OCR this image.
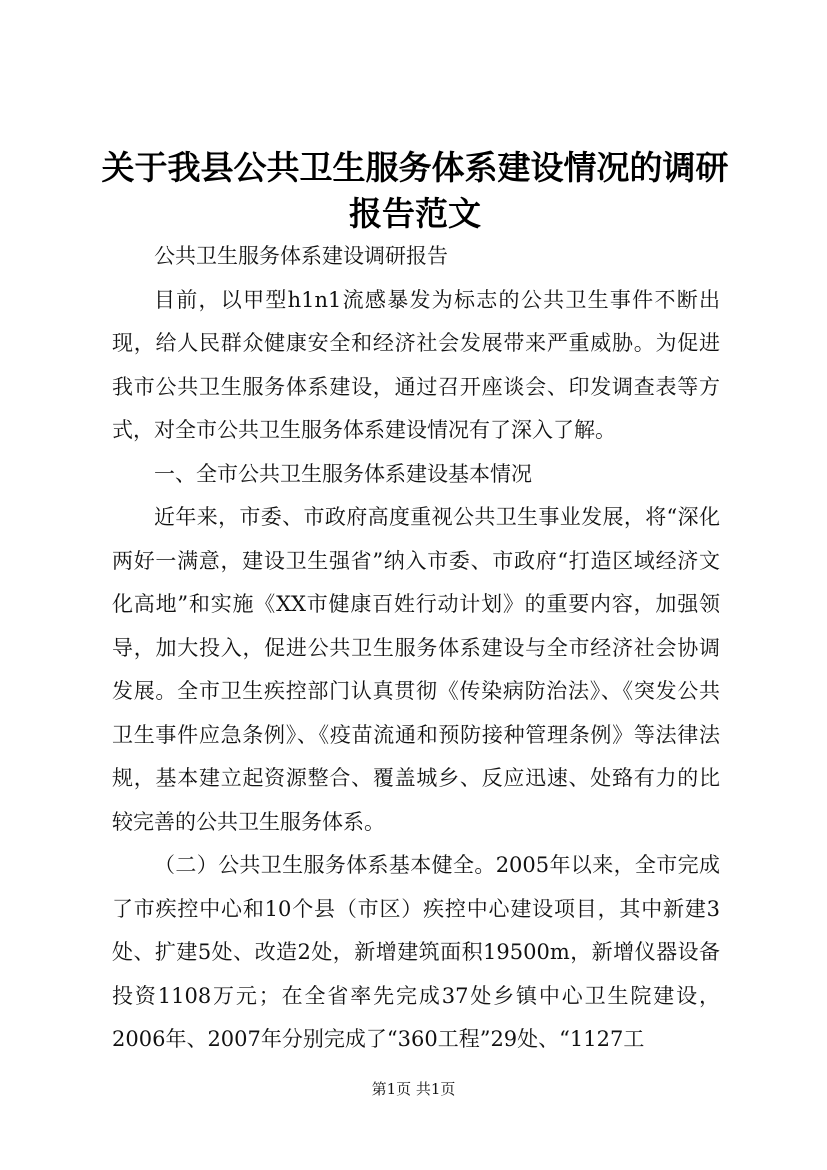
关于我县公共卫生服务体系建设情况的调研报告范文

公共卫生服务体系建设调研报告

目前，以甲型h1n1流感暴发为标志的公共卫生事件不断出现，给人民群众健康安全和经济社会发展带来严重威胁。为促进我市公共卫生服务体系建设，通过召开座谈会、印发调查表等方式，对全市公共卫生服务体系建设情况有了深入了解。

一、全市公共卫生服务体系建设基本情况

近年来，市委、市政府高度重视公共卫生事业发展，将“深化两好一满意，建设卫生强省”纳入市委、市政府“打造区域经济文化高地”和实施《XX市健康百姓行动计划》的重要内容，加强领导，加大投入，促进公共卫生服务体系建设与全市经济社会协调发展。全市卫生疾控部门认真贯彻《传染病防治法》、《突发公共卫生事件应急条例》、《疫苗流通和预防接种管理条例》等法律法规，基本建立起资源整合、覆盖城乡、反应迅速、处臵有力的比较完善的公共卫生服务体系。

（二）公共卫生服务体系基本健全。2005年以来，全市完成了市疾控中心和10个县（市区）疾控中心建设项目，其中新建3处、扩建5处、改造2处，新增建筑面积19500m，新增仪器设备投资1108万元；在全省率先完成37处乡镇中心卫生院建设，2006年、2007年分别完成了“360工程”29处、“1127工

第1页 共1页
